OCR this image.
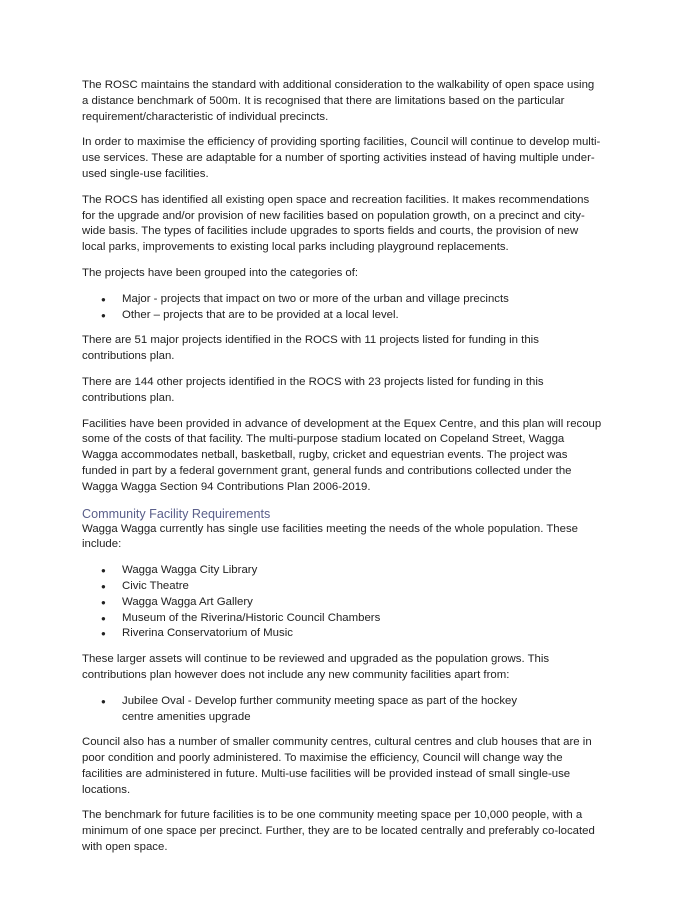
The ROSC maintains the standard with additional consideration to the walkability of open space using a distance benchmark of 500m. It is recognised that there are limitations based on the particular requirement/characteristic of individual precincts.

In order to maximise the efficiency of providing sporting facilities, Council will continue to develop multi-use services. These are adaptable for a number of sporting activities instead of having multiple under-used single-use facilities.

The ROCS has identified all existing open space and recreation facilities. It makes recommendations for the upgrade and/or provision of new facilities based on population growth, on a precinct and city-wide basis. The types of facilities include upgrades to sports fields and courts, the provision of new local parks, improvements to existing local parks including playground replacements.

The projects have been grouped into the categories of:

● Major - projects that impact on two or more of the urban and village precincts
● Other – projects that are to be provided at a local level.

There are 51 major projects identified in the ROCS with 11 projects listed for funding in this contributions plan.

There are 144 other projects identified in the ROCS with 23 projects listed for funding in this contributions plan.

Facilities have been provided in advance of development at the Equex Centre, and this plan will recoup some of the costs of that facility. The multi-purpose stadium located on Copeland Street, Wagga Wagga accommodates netball, basketball, rugby, cricket and equestrian events. The project was funded in part by a federal government grant, general funds and contributions collected under the Wagga Wagga Section 94 Contributions Plan 2006-2019.

Community Facility Requirements

Wagga Wagga currently has single use facilities meeting the needs of the whole population. These include:

● Wagga Wagga City Library
● Civic Theatre
● Wagga Wagga Art Gallery
● Museum of the Riverina/Historic Council Chambers
● Riverina Conservatorium of Music

These larger assets will continue to be reviewed and upgraded as the population grows. This contributions plan however does not include any new community facilities apart from:

● Jubilee Oval - Develop further community meeting space as part of the hockey centre amenities upgrade

Council also has a number of smaller community centres, cultural centres and club houses that are in poor condition and poorly administered. To maximise the efficiency, Council will change way the facilities are administered in future. Multi-use facilities will be provided instead of small single-use locations.

The benchmark for future facilities is to be one community meeting space per 10,000 people, with a minimum of one space per precinct. Further, they are to be located centrally and preferably co-located with open space.
